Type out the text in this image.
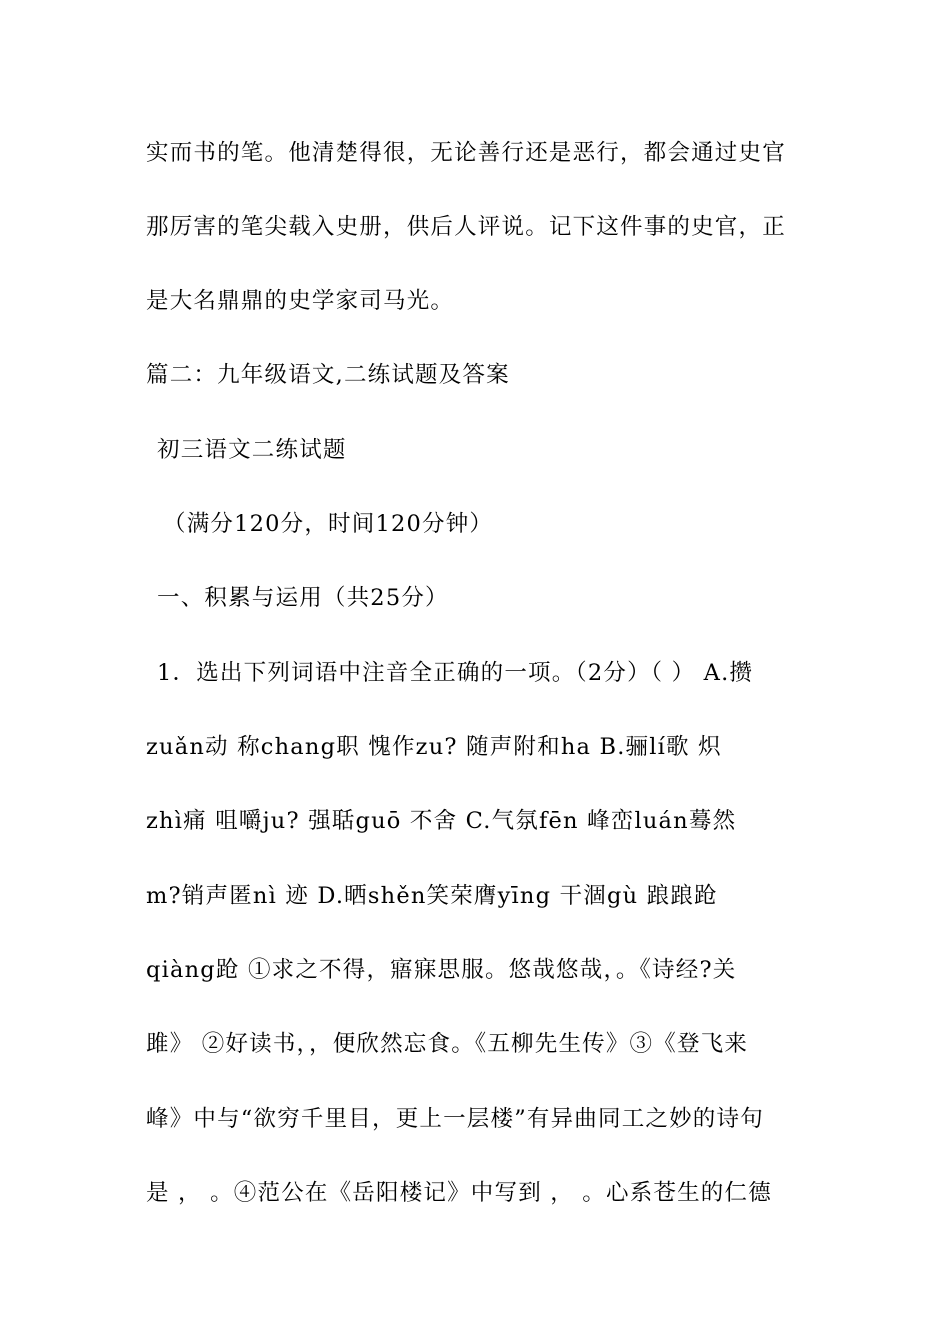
实而书的笔。他清楚得很，无论善行还是恶行，都会通过史官
那厉害的笔尖载入史册，供后人评说。记下这件事的史官，正
是大名鼎鼎的史学家司马光。
篇二：九年级语文,二练试题及答案
初三语文二练试题
（满分120分，时间120分钟）
一、积累与运用（共25分）
1．选出下列词语中注音全正确的一项。（2分）（ ） A.攒
zuǎn动 称chang职 愧作zu? 随声附和ha B.骊lí歌 炽
zhì痛 咀嚼ju? 强聒guō 不舍 C.气氛fēn 峰峦luán蓦然
m?销声匿nì 迹 D.晒shěn笑荣膺yīng 干涸gù 踉踉跄
qiàng跄 ①求之不得，寤寐思服。悠哉悠哉，。《诗经?关
雎》 ②好读书，，便欣然忘食。《五柳先生传》③《登飞来
峰》中与“欲穷千里目，更上一层楼”有异曲同工之妙的诗句
是 ， 。④范公在《岳阳楼记》中写到 ， 。心系苍生的仁德
